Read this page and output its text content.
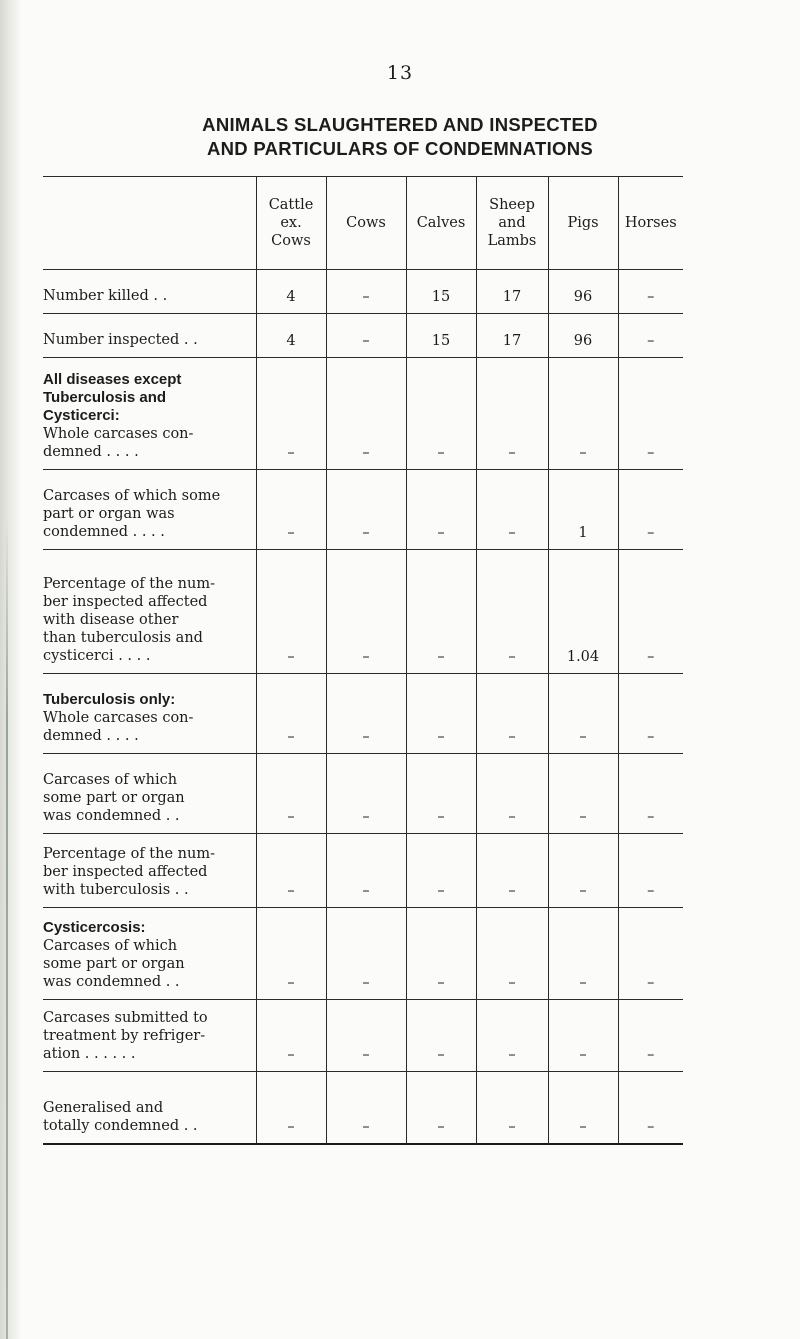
13
ANIMALS SLAUGHTERED AND INSPECTED
AND PARTICULARS OF CONDEMNATIONS

	Cattle
ex.
Cows	Cows	Calves	Sheep
and
Lambs	Pigs	Horses

Number killed . .	4	–	15	17	96	–

Number inspected . .	4	–	15	17	96	–

All diseases except
Tuberculosis and
Cysticerci:
Whole carcases con-
demned . . . .	–	–	–	–	–	–

Carcases of which some
part or organ was
condemned . . . .	–	–	–	–	1	–

Percentage of the num-
ber inspected affected
with disease other
than tuberculosis and
cysticerci . . . .	–	–	–	–	1.04	–

Tuberculosis only:
Whole carcases con-
demned . . . .	–	–	–	–	–	–

Carcases of which
some part or organ
was condemned . .	–	–	–	–	–	–

Percentage of the num-
ber inspected affected
with tuberculosis . .	–	–	–	–	–	–

Cysticercosis:
Carcases of which
some part or organ
was condemned . .	–	–	–	–	–	–

Carcases submitted to
treatment by refriger-
ation . . . . . .	–	–	–	–	–	–

Generalised and
totally condemned . .	–	–	–	–	–	–
